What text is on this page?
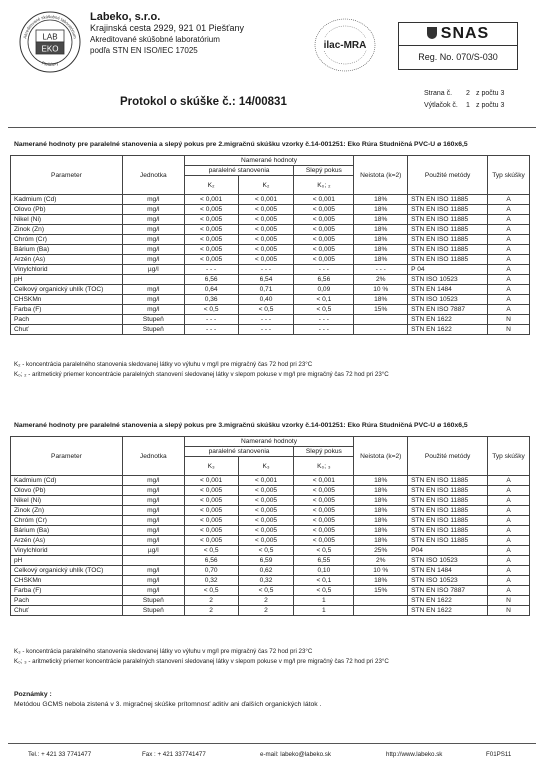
Akreditované skúšobné laboratórium
Piešťany
LAB
EKO
Labeko, s.r.o.
Krajinská cesta 2929, 921 01 Piešťany
Akreditované skúšobné laboratórium
podľa STN EN ISO/IEC 17025	ilac-MRA
SNAS
Reg. No. 070/S-030
Protokol o skúške č.: 14/00831
Strana č. 2 z počtu 3
Výtlačok č. 1 z počtu 3
Namerané hodnoty pre paralelné stanovenia a slepý pokus pre 2.migračnú skúšku vzorky č.14-001251: Eko Rúra Studničná PVC-U ø 160x6,5
Parameter	Jednotka	Namerané hodnoty			Neistota (k=2)	Použité metódy	Typ skúšky
		paralelné stanovenia		Slepý pokus			
		K₂	K₂	K₀; ₂			
Kadmium (Cd)	mg/l	< 0,001	< 0,001	< 0,001	18%	STN EN ISO 11885	A
Olovo (Pb)	mg/l	< 0,005	< 0,005	< 0,005	18%	STN EN ISO 11885	A
Nikel (Ni)	mg/l	< 0,005	< 0,005	< 0,005	18%	STN EN ISO 11885	A
Zinok (Zn)	mg/l	< 0,005	< 0,005	< 0,005	18%	STN EN ISO 11885	A
Chróm (Cr)	mg/l	< 0,005	< 0,005	< 0,005	18%	STN EN ISO 11885	A
Bárium (Ba)	mg/l	< 0,005	< 0,005	< 0,005	18%	STN EN ISO 11885	A
Arzén (As)	mg/l	< 0,005	< 0,005	< 0,005	18%	STN EN ISO 11885	A
Vinylchlorid	µg/l	- - -	- - -	- - -	- - -	P 04	A
pH		6,56	6,54	6,56	2%	STN ISO 10523	A
Celkový organický uhlík (TOC)	mg/l	0,64	0,71	0,09	10 %	STN EN 1484	A
CHSKMn	mg/l	0,36	0,40	< 0,1	18%	STN ISO 10523	A
Farba (F)	mg/l	< 0,5	< 0,5	< 0,5	15%	STN EN ISO 7887	A
Pach	Stupeň	- - -	- - -	- - -		STN EN 1622	N
Chuť	Stupeň	- - -	- - -	- - -		STN EN 1622	N
K₂ - koncentrácia paralelného stanovenia sledovanej látky vo výluhu v mg/l pre migračný čas 72 hod pri 23°C
K₀; ₂ - aritmetický priemer koncentrácie paralelných stanovení sledovanej látky v slepom pokuse v mg/l pre migračný čas 72 hod pri 23°C
Namerané hodnoty pre paralelné stanovenia a slepý pokus pre 3.migračnú skúšku vzorky č.14-001251: Eko Rúra Studničná PVC-U ø 160x6,5
Parameter	Jednotka	Namerané hodnoty			Neistota (k=2)	Použité metódy	Typ skúšky
		paralelné stanovenia		Slepý pokus			
		K₃	K₃	K₀; ₃			
Kadmium (Cd)	mg/l	< 0,001	< 0,001	< 0,001	18%	STN EN ISO 11885	A
Olovo (Pb)	mg/l	< 0,005	< 0,005	< 0,005	18%	STN EN ISO 11885	A
Nikel (Ni)	mg/l	< 0,005	< 0,005	< 0,005	18%	STN EN ISO 11885	A
Zinok (Zn)	mg/l	< 0,005	< 0,005	< 0,005	18%	STN EN ISO 11885	A
Chróm (Cr)	mg/l	< 0,005	< 0,005	< 0,005	18%	STN EN ISO 11885	A
Bárium (Ba)	mg/l	< 0,005	< 0,005	< 0,005	18%	STN EN ISO 11885	A
Arzén (As)	mg/l	< 0,005	< 0,005	< 0,005	18%	STN EN ISO 11885	A
Vinylchlorid	µg/l	< 0,5	< 0,5	< 0,5	25%	P04	A
pH		6,56	6,59	6,55	2%	STN ISO 10523	A
Celkový organický uhlík (TOC)	mg/l	0,70	0,62	0,10	10 %	STN EN 1484	A
CHSKMn	mg/l	0,32	0,32	< 0,1	18%	STN ISO 10523	A
Farba (F)	mg/l	< 0,5	< 0,5	< 0,5	15%	STN EN ISO 7887	A
Pach	Stupeň	2	2	1		STN EN 1622	N
Chuť	Stupeň	2	2	1		STN EN 1622	N
K₃ - koncentrácia paralelného stanovenia sledovanej látky vo výluhu v mg/l pre migračný čas 72 hod pri 23°C
K₀; ₃ - aritmetický priemer koncentrácie paralelných stanovení sledovanej látky v slepom pokuse v mg/l pre migračný čas 72 hod pri 23°C
Poznámky :
Metódou GCMS nebola zistená v 3. migračnej skúške prítomnosť aditív ani ďalších organických látok .
Tel.: + 421 33 7741477	Fax : + 421 337741477	e-mail: labeko@labeko.sk	http://www.labeko.sk	F01PS11
